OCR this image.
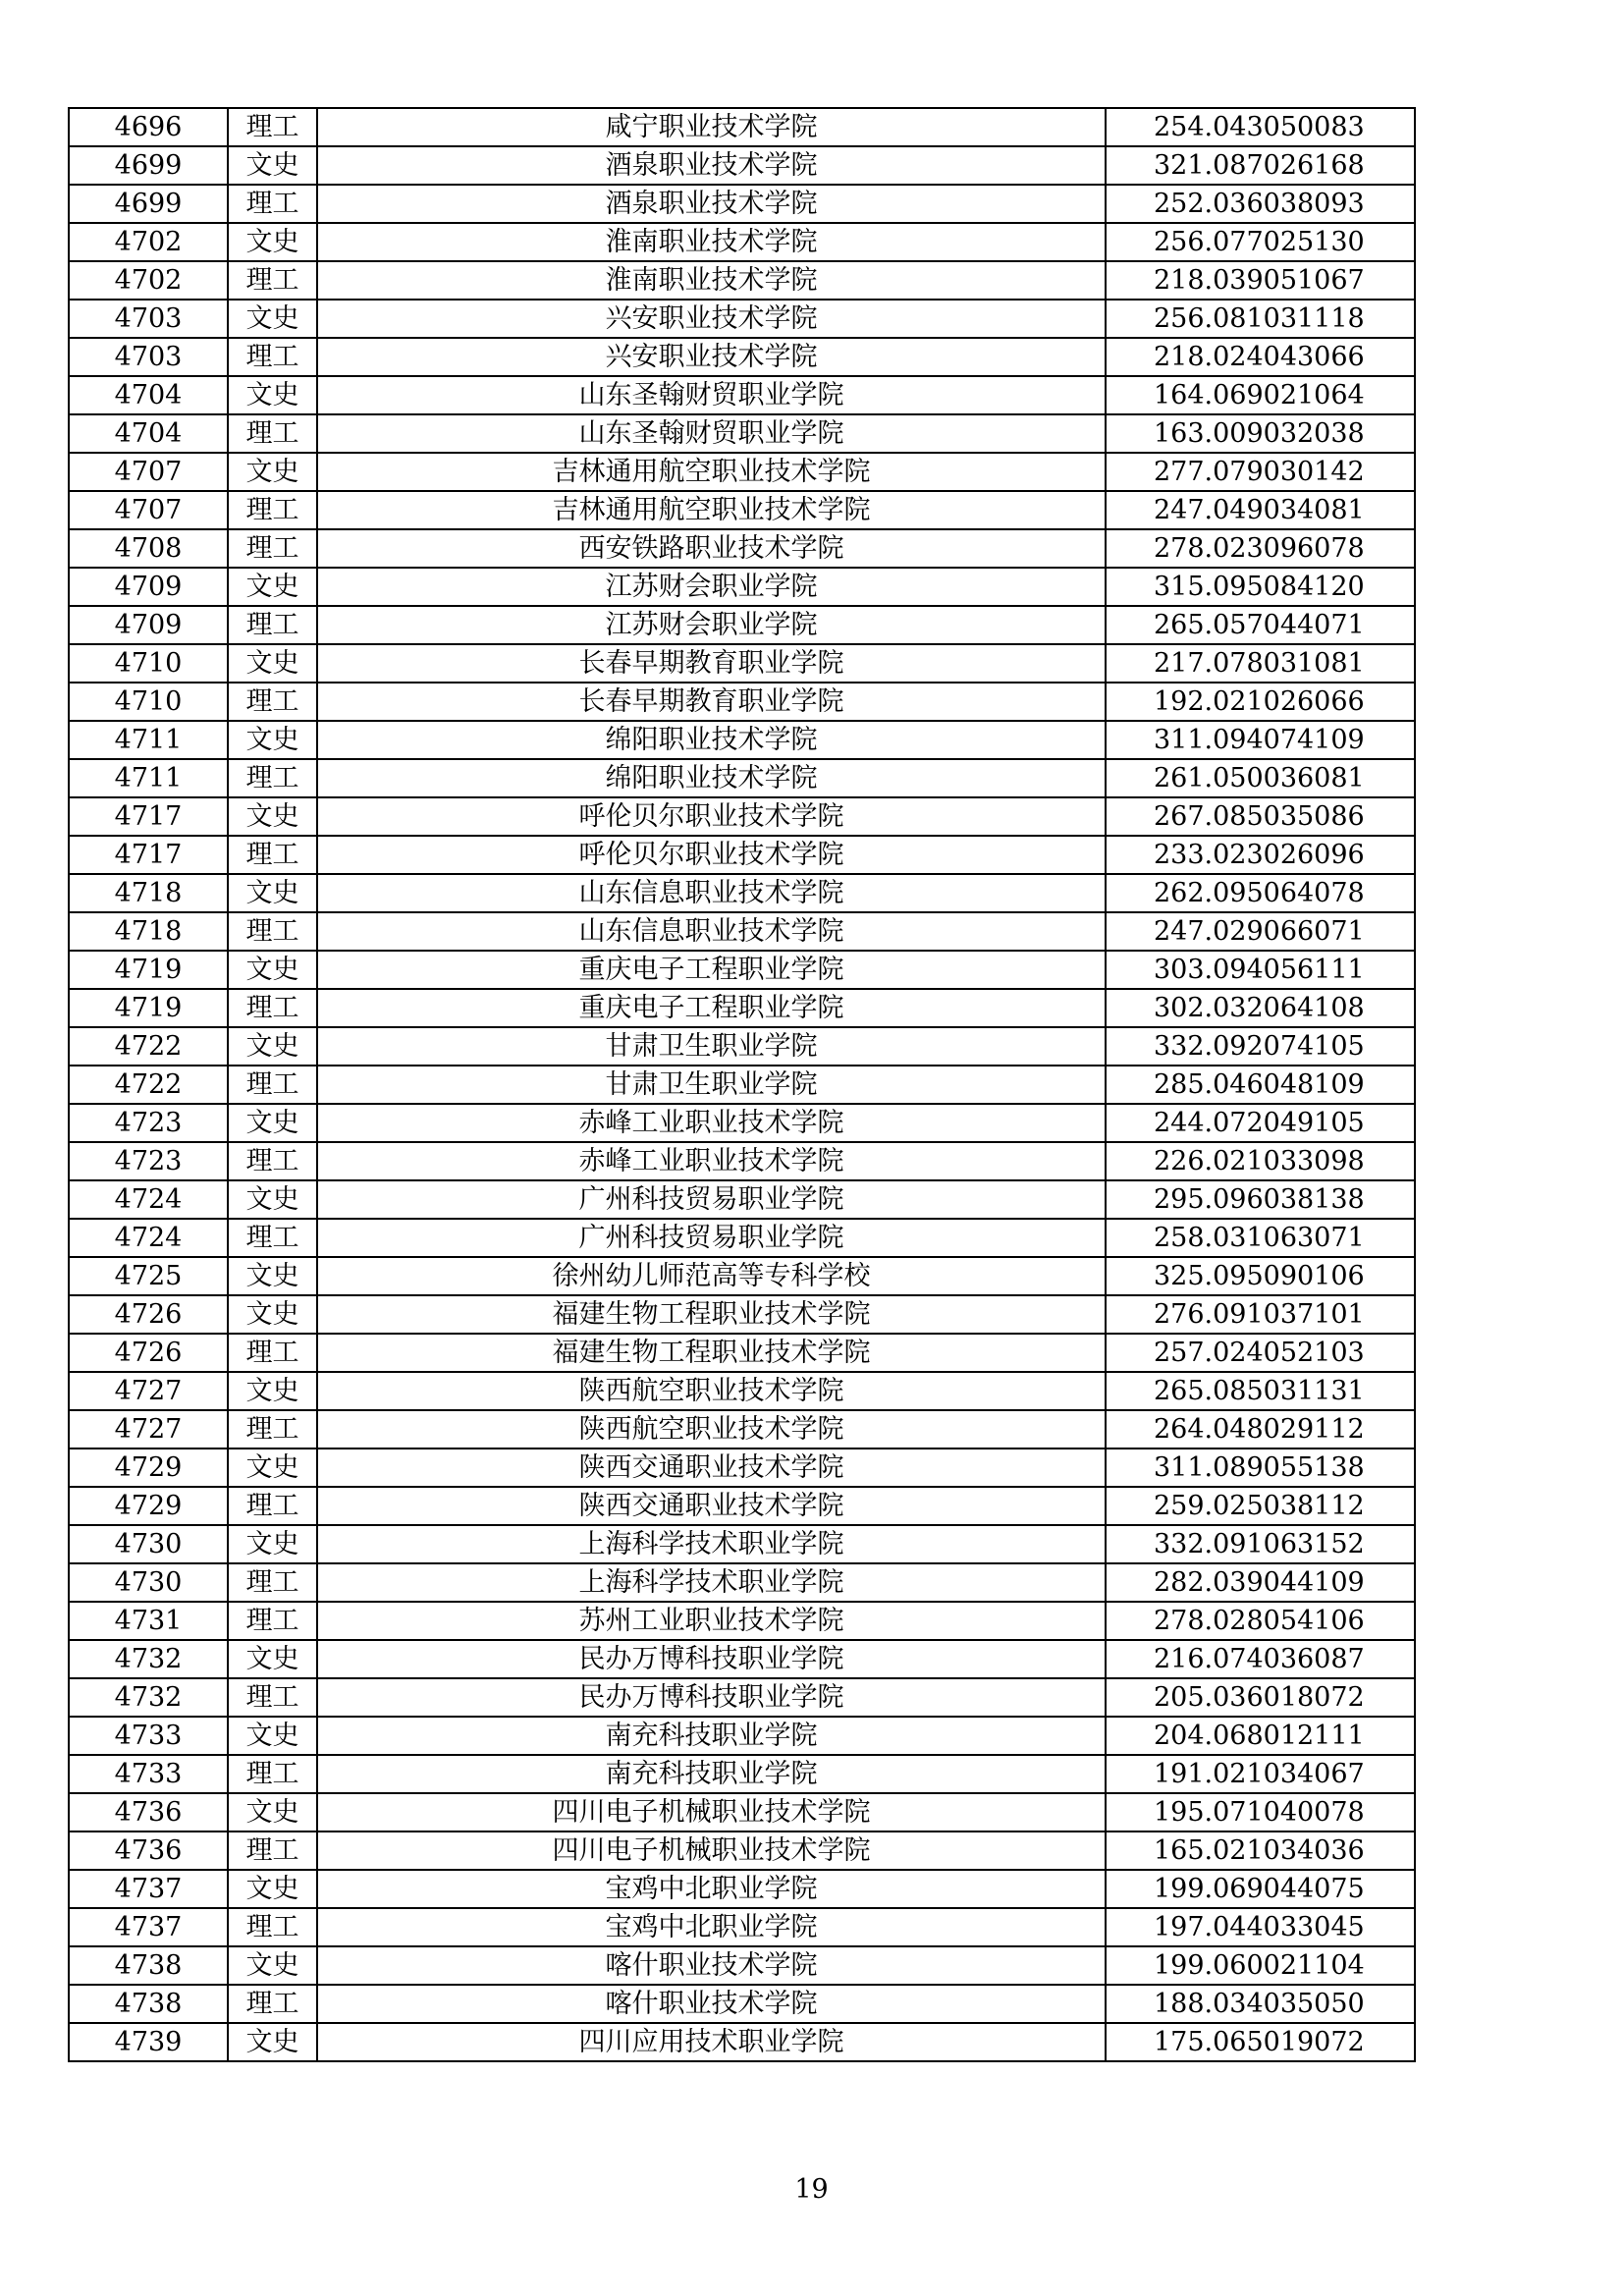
4696	理工	咸宁职业技术学院	254.043050083
4699	文史	酒泉职业技术学院	321.087026168
4699	理工	酒泉职业技术学院	252.036038093
4702	文史	淮南职业技术学院	256.077025130
4702	理工	淮南职业技术学院	218.039051067
4703	文史	兴安职业技术学院	256.081031118
4703	理工	兴安职业技术学院	218.024043066
4704	文史	山东圣翰财贸职业学院	164.069021064
4704	理工	山东圣翰财贸职业学院	163.009032038
4707	文史	吉林通用航空职业技术学院	277.079030142
4707	理工	吉林通用航空职业技术学院	247.049034081
4708	理工	西安铁路职业技术学院	278.023096078
4709	文史	江苏财会职业学院	315.095084120
4709	理工	江苏财会职业学院	265.057044071
4710	文史	长春早期教育职业学院	217.078031081
4710	理工	长春早期教育职业学院	192.021026066
4711	文史	绵阳职业技术学院	311.094074109
4711	理工	绵阳职业技术学院	261.050036081
4717	文史	呼伦贝尔职业技术学院	267.085035086
4717	理工	呼伦贝尔职业技术学院	233.023026096
4718	文史	山东信息职业技术学院	262.095064078
4718	理工	山东信息职业技术学院	247.029066071
4719	文史	重庆电子工程职业学院	303.094056111
4719	理工	重庆电子工程职业学院	302.032064108
4722	文史	甘肃卫生职业学院	332.092074105
4722	理工	甘肃卫生职业学院	285.046048109
4723	文史	赤峰工业职业技术学院	244.072049105
4723	理工	赤峰工业职业技术学院	226.021033098
4724	文史	广州科技贸易职业学院	295.096038138
4724	理工	广州科技贸易职业学院	258.031063071
4725	文史	徐州幼儿师范高等专科学校	325.095090106
4726	文史	福建生物工程职业技术学院	276.091037101
4726	理工	福建生物工程职业技术学院	257.024052103
4727	文史	陕西航空职业技术学院	265.085031131
4727	理工	陕西航空职业技术学院	264.048029112
4729	文史	陕西交通职业技术学院	311.089055138
4729	理工	陕西交通职业技术学院	259.025038112
4730	文史	上海科学技术职业学院	332.091063152
4730	理工	上海科学技术职业学院	282.039044109
4731	理工	苏州工业职业技术学院	278.028054106
4732	文史	民办万博科技职业学院	216.074036087
4732	理工	民办万博科技职业学院	205.036018072
4733	文史	南充科技职业学院	204.068012111
4733	理工	南充科技职业学院	191.021034067
4736	文史	四川电子机械职业技术学院	195.071040078
4736	理工	四川电子机械职业技术学院	165.021034036
4737	文史	宝鸡中北职业学院	199.069044075
4737	理工	宝鸡中北职业学院	197.044033045
4738	文史	喀什职业技术学院	199.060021104
4738	理工	喀什职业技术学院	188.034035050
4739	文史	四川应用技术职业学院	175.065019072
19
